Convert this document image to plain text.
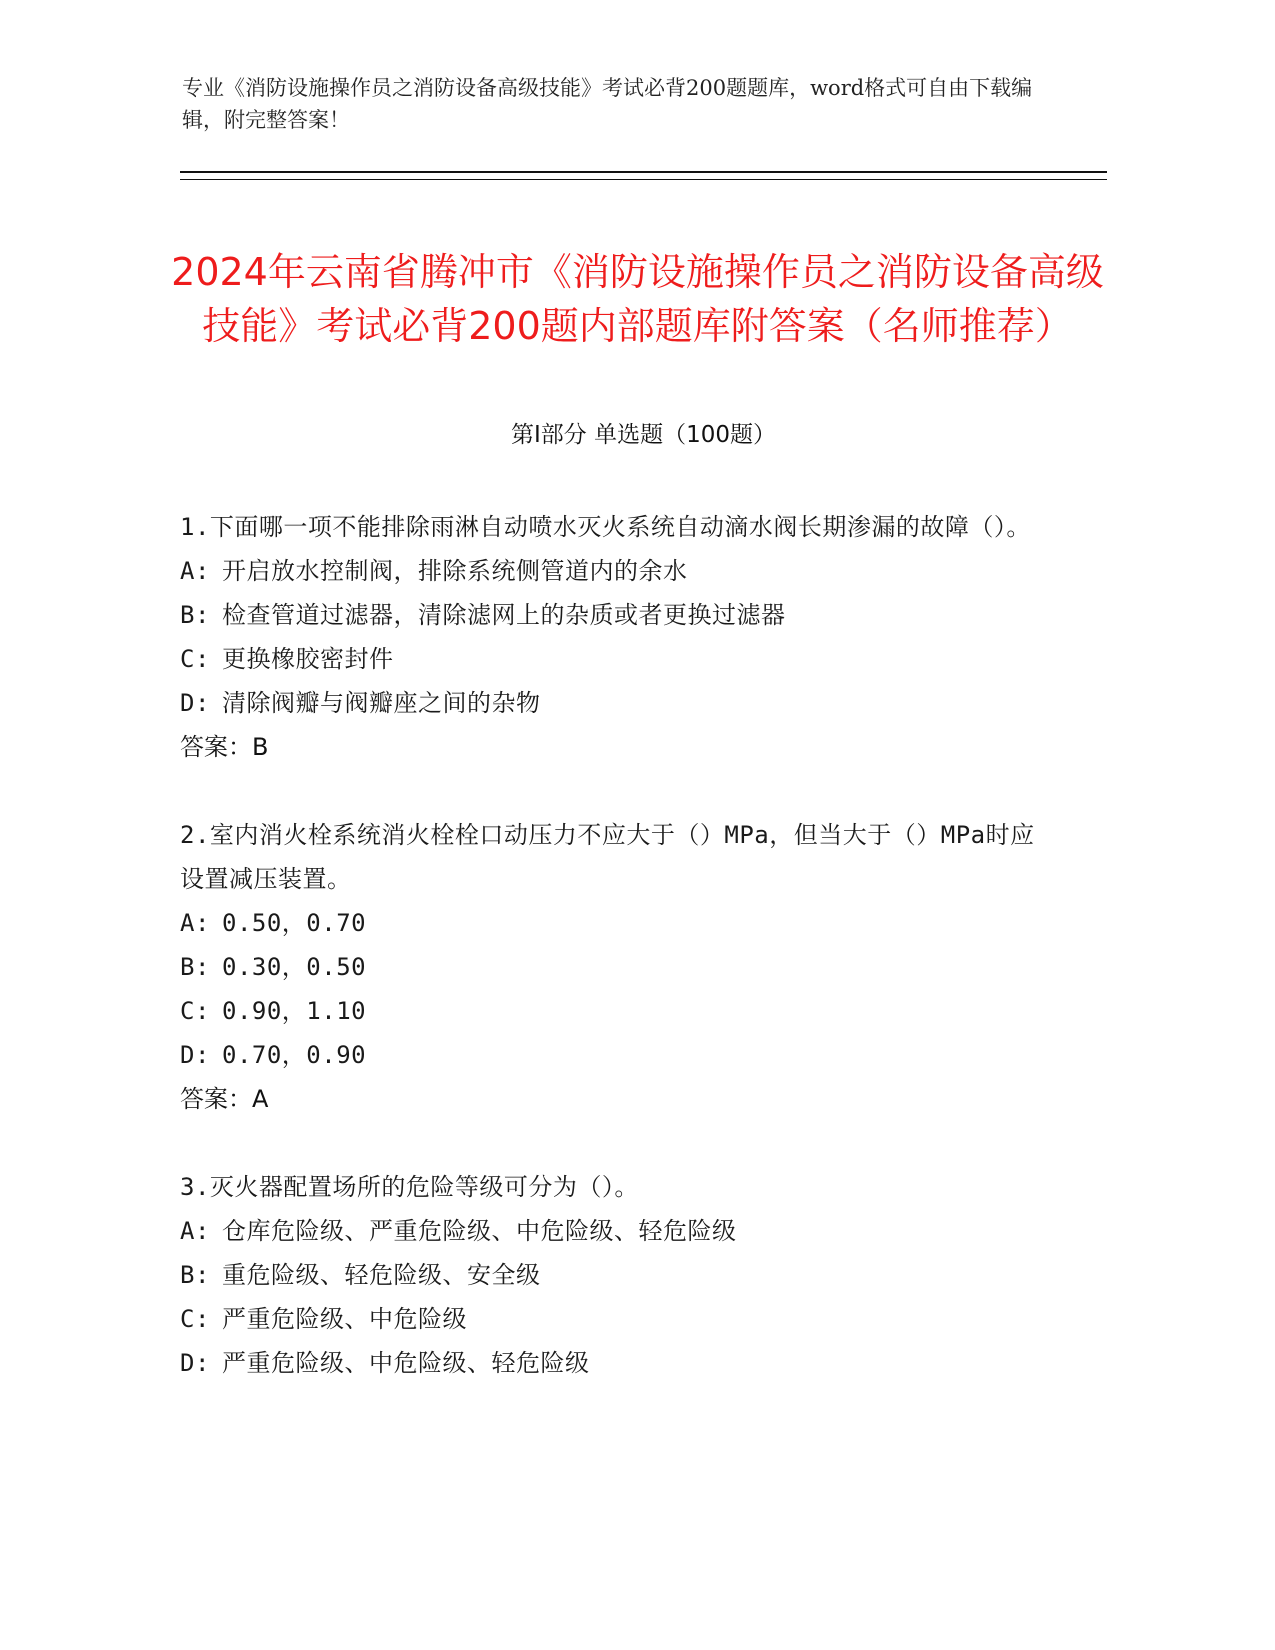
专业《消防设施操作员之消防设备高级技能》考试必背200题题库，word格式可自由下载编辑，附完整答案！
2024年云南省腾冲市《消防设施操作员之消防设备高级技能》考试必背200题内部题库附答案（名师推荐）
第I部分 单选题（100题）
1.下面哪一项不能排除雨淋自动喷水灭火系统自动滴水阀长期渗漏的故障（）。
A: 开启放水控制阀，排除系统侧管道内的余水
B: 检查管道过滤器，清除滤网上的杂质或者更换过滤器
C: 更换橡胶密封件
D: 清除阀瓣与阀瓣座之间的杂物
答案：B
2.室内消火栓系统消火栓栓口动压力不应大于（）MPa，但当大于（）MPa时应设置减压装置。
A: 0.50，0.70
B: 0.30，0.50
C: 0.90，1.10
D: 0.70，0.90
答案：A
3.灭火器配置场所的危险等级可分为（）。
A: 仓库危险级、严重危险级、中危险级、轻危险级
B: 重危险级、轻危险级、安全级
C: 严重危险级、中危险级
D: 严重危险级、中危险级、轻危险级
